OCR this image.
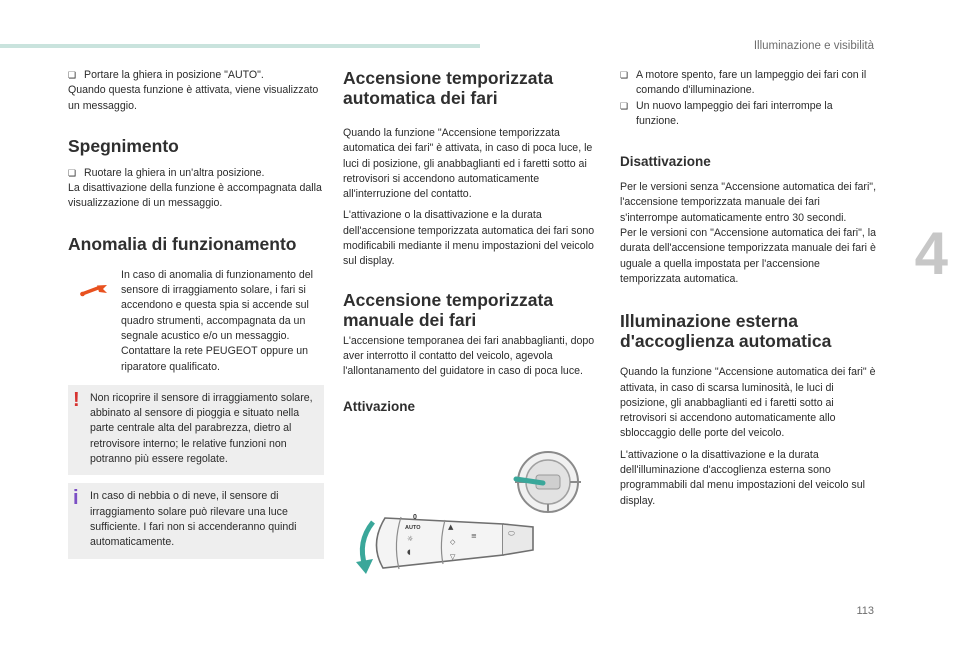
Illuminazione e visibilità
4
113

❏ Portare la ghiera in posizione "AUTO".

Quando questa funzione è attivata, viene visualizzato un messaggio.

Spegnimento

❏ Ruotare la ghiera in un'altra posizione.

La disattivazione della funzione è accompagnata dalla visualizzazione di un messaggio.

Anomalia di funzionamento

In caso di anomalia di funzionamento del sensore di irraggiamento solare, i fari si accendono e questa spia si accende sul quadro strumenti, accompagnata da un segnale acustico e/o un messaggio. Contattare la rete PEUGEOT oppure un riparatore qualificato.

! Non ricoprire il sensore di irraggiamento solare, abbinato al sensore di pioggia e situato nella parte centrale alta del parabrezza, dietro al retrovisore interno; le relative funzioni non potranno più essere regolate.

i In caso di nebbia o di neve, il sensore di irraggiamento solare può rilevare una luce sufficiente. I fari non si accenderanno quindi automaticamente.

Accensione temporizzata automatica dei fari

Quando la funzione "Accensione temporizzata automatica dei fari" è attivata, in caso di poca luce, le luci di posizione, gli anabbaglianti ed i faretti sotto ai retrovisori si accendono automaticamente all'interruzione del contatto.

L'attivazione o la disattivazione e la durata dell'accensione temporizzata automatica dei fari sono modificabili mediante il menu impostazioni del veicolo sul display.

Accensione temporizzata manuale dei fari

L'accensione temporanea dei fari anabbaglianti, dopo aver interrotto il contatto del veicolo, agevola l'allontanamento del guidatore in caso di poca luce.

Attivazione
0
AUTO
☼
◖
▲
◇
▽
≡	⬭

❏ A motore spento, fare un lampeggio dei fari con il comando d'illuminazione.

❏ Un nuovo lampeggio dei fari interrompe la funzione.

Disattivazione

Per le versioni senza "Accensione automatica dei fari", l'accensione temporizzata manuale dei fari s'interrompe automaticamente entro 30 secondi.

Per le versioni con "Accensione automatica dei fari", la durata dell'accensione temporizzata manuale dei fari è uguale a quella impostata per l'accensione temporizzata automatica.

Illuminazione esterna d'accoglienza automatica

Quando la funzione "Accensione automatica dei fari" è attivata, in caso di scarsa luminosità, le luci di posizione, gli anabbaglianti ed i faretti sotto ai retrovisori si accendono automaticamente allo sbloccaggio delle porte del veicolo.

L'attivazione o la disattivazione e la durata dell'illuminazione d'accoglienza esterna sono programmabili dal menu impostazioni del veicolo sul display.
